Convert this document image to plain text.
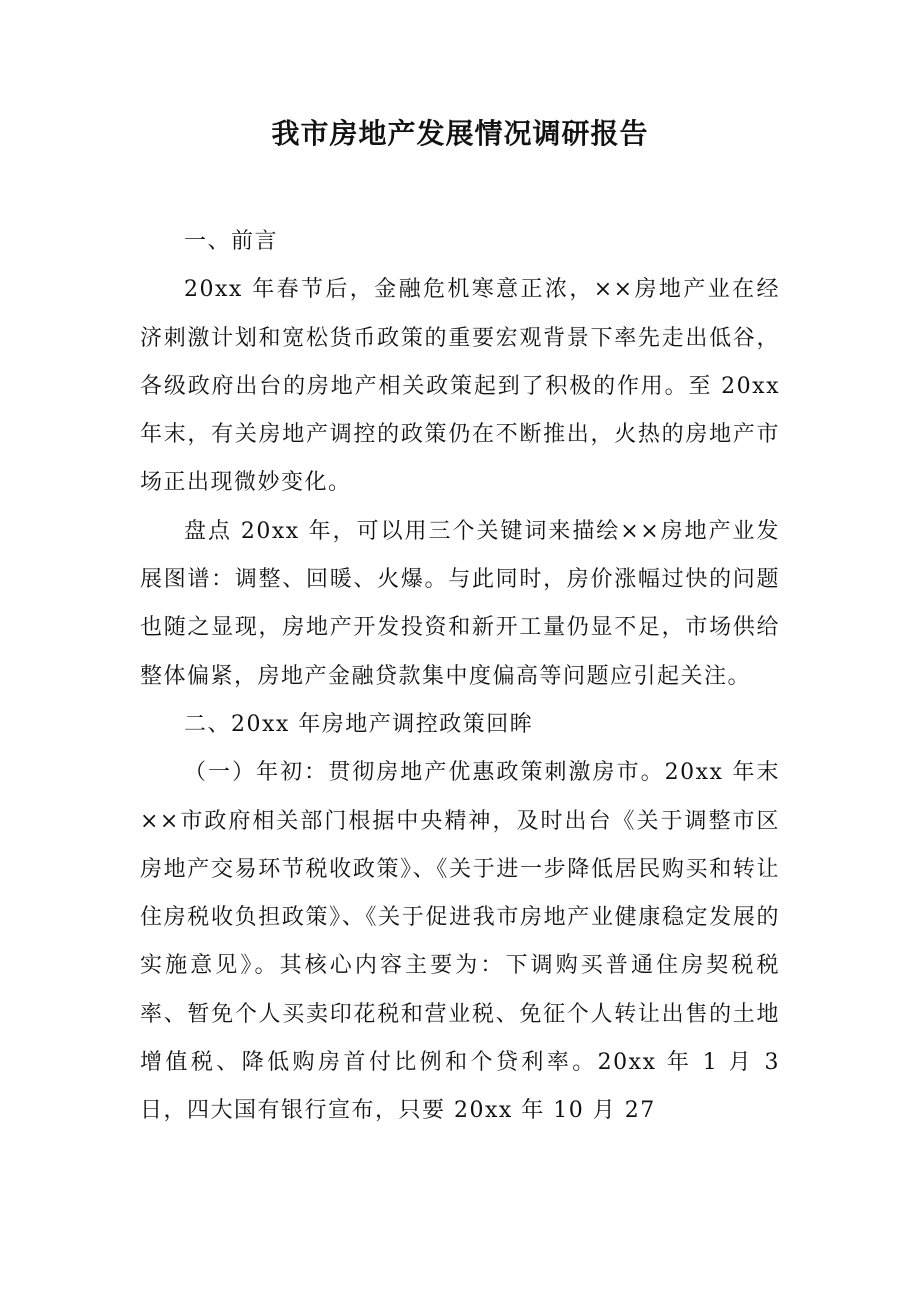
我市房地产发展情况调研报告

一、前言

20xx 年春节后，金融危机寒意正浓，××房地产业在经济刺激计划和宽松货币政策的重要宏观背景下率先走出低谷，各级政府出台的房地产相关政策起到了积极的作用。至 20xx 年末，有关房地产调控的政策仍在不断推出，火热的房地产市场正出现微妙变化。

盘点 20xx 年，可以用三个关键词来描绘××房地产业发展图谱：调整、回暖、火爆。与此同时，房价涨幅过快的问题也随之显现，房地产开发投资和新开工量仍显不足，市场供给整体偏紧，房地产金融贷款集中度偏高等问题应引起关注。

二、20xx 年房地产调控政策回眸

（一）年初：贯彻房地产优惠政策刺激房市。20xx 年末××市政府相关部门根据中央精神，及时出台《关于调整市区房地产交易环节税收政策》、《关于进一步降低居民购买和转让住房税收负担政策》、《关于促进我市房地产业健康稳定发展的实施意见》。其核心内容主要为：下调购买普通住房契税税率、暂免个人买卖印花税和营业税、免征个人转让出售的土地增值税、降低购房首付比例和个贷利率。20xx 年 1 月 3 日，四大国有银行宣布，只要 20xx 年 10 月 27
